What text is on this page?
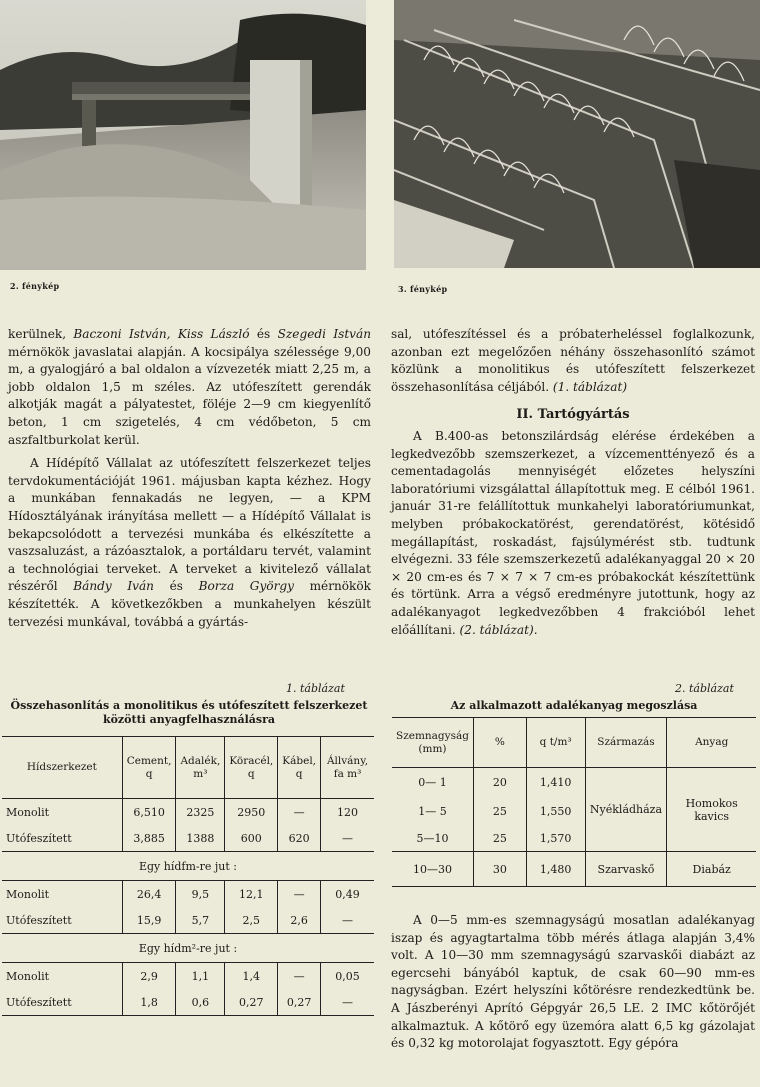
2. fénykép	3. fénykép

kerülnek, Baczoni István, Kiss László és Szegedi István mérnökök javaslatai alapján. A kocsipálya szélessége 9,00 m, a gyalogjáró a bal oldalon a vízvezeték miatt 2,25 m, a jobb oldalon 1,5 m széles. Az utófeszített gerendák alkotják magát a pályatestet, föléje 2—9 cm kiegyenlítő beton, 1 cm szigetelés, 4 cm védőbeton, 5 cm aszfaltburkolat kerül.

A Hídépítő Vállalat az utófeszített felszerkezet teljes tervdokumentációját 1961. májusban kapta kézhez. Hogy a munkában fennakadás ne legyen, — a KPM Hídosztályának irányítása mellett — a Hídépítő Vállalat is bekapcsolódott a tervezési munkába és elkészítette a vaszsaluzást, a rázóasztalok, a portáldaru tervét, valamint a technológiai terveket. A terveket a kivitelező vállalat részéről Bándy Iván és Borza György mérnökök készítették. A következőkben a munkahelyen készült tervezési munkával, továbbá a gyártás-

sal, utófeszítéssel és a próbaterheléssel foglalkozunk, azonban ezt megelőzően néhány összehasonlító számot közlünk a monolitikus és utófeszített felszerkezet összehasonlítása céljából. (1. táblázat)

II. Tartógyártás

A B.400-as betonszilárdság elérése érdekében a legkedvezőbb szemszerkezet, a vízcementtényező és a cementadagolás mennyiségét előzetes helyszíni laboratóriumi vizsgálattal állapítottuk meg. E célból 1961. január 31-re felállítottuk munkahelyi laboratóriumunkat, melyben próbakockatörést, gerendatörést, kötésidő megállapítást, roskadást, fajsúlymérést stb. tudtunk elvégezni. 33 féle szemszerkezetű adalékanyaggal 20 × 20 × 20 cm-es és 7 × 7 × 7 cm-es próbakockát készítettünk és törtünk. Arra a végső eredményre jutottunk, hogy az adalékanyagot legkedvezőbben 4 frakcióból lehet előállítani. (2. táblázat).

A 0—5 mm-es szemnagyságú mosatlan adalékanyag iszap és agyagtartalma több mérés átlaga alapján 3,4% volt. A 10—30 mm szemnagyságú szarvaskői diabázt az egercsehi bányából kaptuk, de csak 60—90 mm-es nagyságban. Ezért helyszíni kőtörésre rendezkedtünk be. A Jászberényi Aprító Gépgyár 26,5 LE. 2 IMC kőtörőjét alkalmaztuk. A kőtörő egy üzemóra alatt 6,5 kg gázolajat és 0,32 kg motorolajat fogyasztott. Egy gépóra

1. táblázat
Összehasonlítás a monolitikus és utófeszített felszerkezet
közötti anyagfelhasználásra
Hídszerkezet	Cement, q	Adalék, m³	Köracél, q	Kábel, q	Állvány, fa m³
Monolit	6,510	2325	2950	—	120
Utófeszített	3,885	1388	600	620	—
Egy hídfm-re jut :					
Monolit	26,4	9,5	12,1	—	0,49
Utófeszített	15,9	5,7	2,5	2,6	—
Egy hídm²-re jut :					
Monolit	2,9	1,1	1,4	—	0,05
Utófeszített	1,8	0,6	0,27	0,27	—
2. táblázat
Az alkalmazott adalékanyag megoszlása
Szemnagyság (mm)	%	q t/m³	Származás	Anyag
0— 1	20	1,410	Nyékládháza	Homokos kavics
1— 5	25	1,550		
5—10	25	1,570		
10—30	30	1,480	Szarvaskő	Diabáz
